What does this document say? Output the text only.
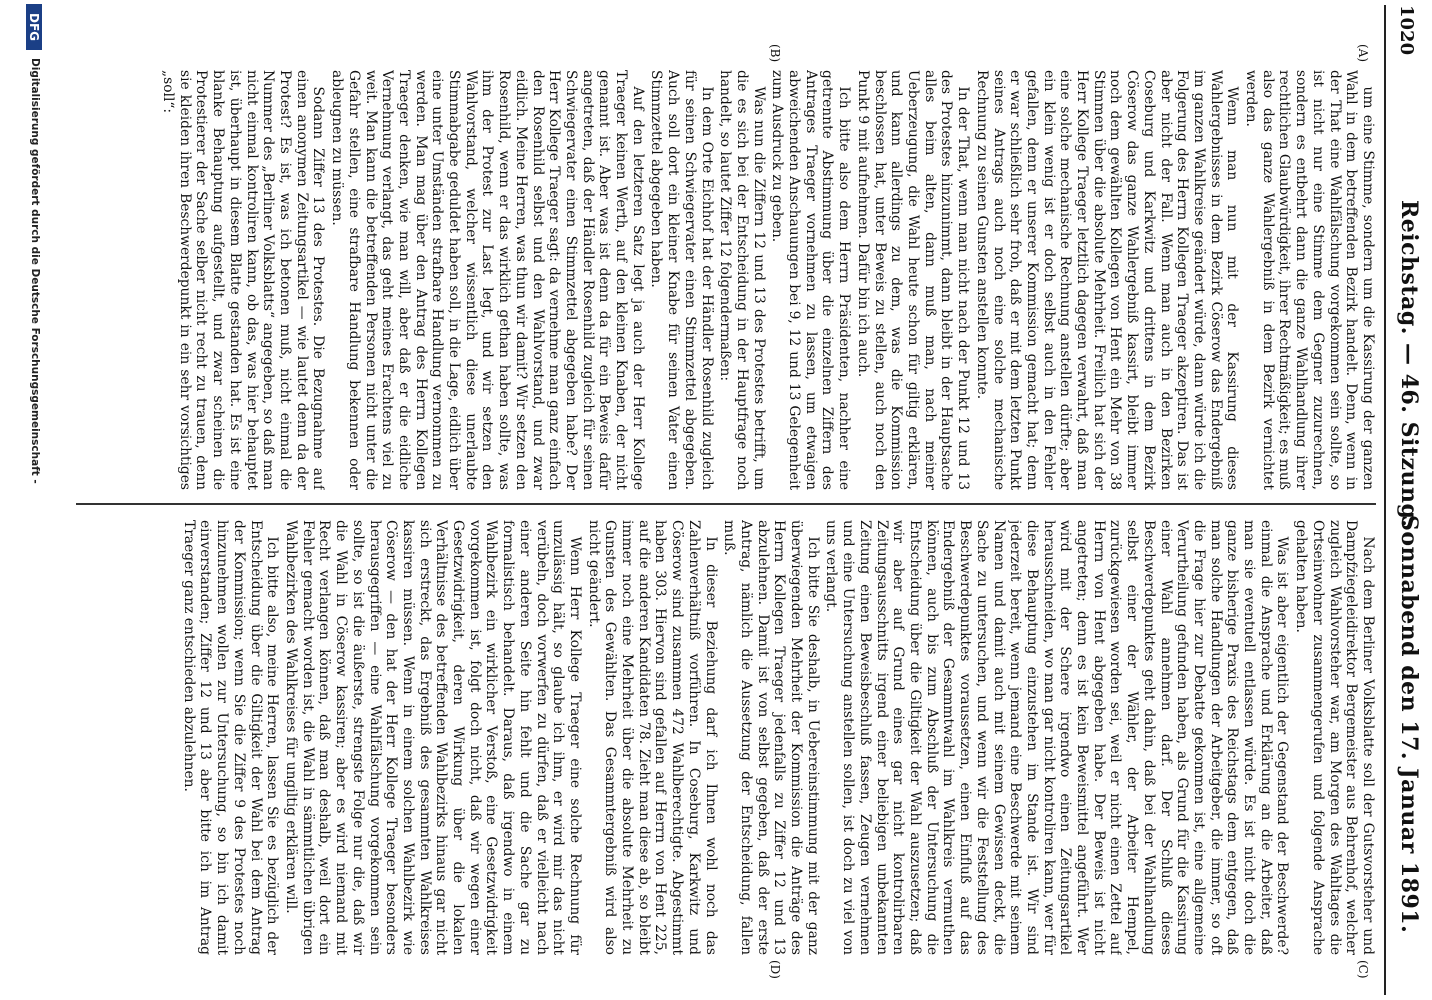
1020
Reichstag. — 46. Sitzung.
Sonnabend den 17. Januar 1891.
(A)
(B)
(C)
(D)

um eine Stimme, sondern um die Kassirung der ganzen Wahl in dem betreffenden Bezirk handelt. Denn, wenn in der That eine Wahlfälschung vorgekommen sein sollte, so ist nicht nur eine Stimme dem Gegner zuzurechnen, sondern es entbehrt dann die ganze Wahlhandlung ihrer rechtlichen Glaubwürdigkeit, ihrer Rechtmäßigkeit; es muß also das ganze Wahlergebniß in dem Bezirk vernichtet werden.

Wenn man nun mit der Kassirung dieses Wahlergebnisses in dem Bezirk Cöserow das Endergebniß im ganzen Wahlkreise geändert würde, dann würde ich die Folgerung des Herrn Kollegen Traeger akzeptiren. Das ist aber nicht der Fall. Wenn man auch in den Bezirken Coseburg und Karkwitz und drittens in dem Bezirk Cöserow das ganze Wahlergebniß kassirt, bleibt immer noch dem gewählten Kollegen von Hent ein Mehr von 38 Stimmen über die absolute Mehrheit. Freilich hat sich der Herr Kollege Traeger letztlich dagegen verwahrt, daß man eine solche mechanische Rechnung anstellen dürfte; aber ein klein wenig ist er doch selbst auch in den Fehler gefallen, denn er unserer Kommission gemacht hat; denn er war schließlich sehr froh, daß er mit dem letzten Punkt seines Antrags auch noch eine solche mechanische Rechnung zu seinen Gunsten anstellen konnte.

In der That, wenn man nicht nach der Punkt 12 und 13 des Protestes hinzunimmt, dann bleibt in der Hauptsache alles beim alten, dann muß man, nach meiner Ueberzeugung, die Wahl heute schon für giltig erklären, und kann allerdings zu dem, was die Kommission beschlossen hat, unter Beweis zu stellen, auch noch den Punkt 9 mit aufnehmen. Dafür bin ich auch.

Ich bitte also dem Herrn Präsidenten, nachher eine getrennte Abstimmung über die einzelnen Ziffern des Antrages Traeger vornehmen zu lassen, um etwaigen abweichenden Anschauungen bei 9, 12 und 13 Gelegenheit zum Ausdruck zu geben.

Was nun die Ziffern 12 und 13 des Protestes betrifft, um die es sich bei der Entscheidung in der Hauptfrage noch handelt, so lautet Ziffer 12 folgendermaßen:

In dem Orte Eichhof hat der Händler Rosenhild zugleich für seinen Schwiegervater einen Stimmzettel abgegeben. Auch soll dort ein kleiner Knabe für seinen Vater einen Stimmzettel abgegeben haben.

Auf den letzteren Satz legt ja auch der Herr Kollege Traeger keinen Werth, auf den kleinen Knaben, der nicht genannt ist. Aber was ist denn da für ein Beweis dafür angetreten, daß der Händler Rosenhild zugleich für seinen Schwiegervater einen Stimmzettel abgegeben habe? Der Herr Kollege Traeger sagt: da vernehme man ganz einfach den Rosenhild selbst und den Wahlvorstand, und zwar eidlich. Meine Herren, was thun wir damit? Wir setzen den Rosenhild, wenn er das wirklich gethan haben sollte, was ihm der Protest zur Last legt, und wir setzen den Wahlvorstand, welcher wissentlich diese unerlaubte Stimmabgabe geduldet haben soll, in die Lage, eidlich über eine unter Umständen strafbare Handlung vernommen zu werden. Man mag über den Antrag des Herrn Kollegen Traeger denken, wie man will, aber daß er die eidliche Vernehmung verlangt, das geht meines Erachtens viel zu weit. Man kann die betreffenden Personen nicht unter die Gefahr stellen, eine strafbare Handlung bekennen oder ableugnen zu müssen.

Sodann Ziffer 13 des Protestes. Die Bezugnahme auf einen anonymen Zeitungsartikel — wie lautet denn da der Protest? Es ist, was ich betonen muß, nicht einmal die Nummer des „Berliner Volksblatts“ angegeben, so daß man nicht einmal kontroliren kann, ob das, was hier behauptet ist, überhaupt in diesem Blatte gestanden hat. Es ist eine blanke Behauptung aufgestellt, und zwar scheinen die Protestierer der Sache selber nicht recht zu trauen, denn sie kleiden ihren Beschwerdepunkt in ein sehr vorsichtiges „soll“:

Nach dem Berliner Volksblatte soll der Gutsvorsteher und Dampfziegeleidirektor Bergemeister aus Behrenhof, welcher zugleich Wahlvorsteher war, am Morgen des Wahltages die Ortseinwohner zusammengerufen und folgende Ansprache gehalten haben.

Was ist aber eigentlich der Gegenstand der Beschwerde? einmal die Ansprache und Erklärung an die Arbeiter, daß man sie eventuell entlassen würde. Es ist nicht doch die ganze bisherige Praxis des Reichstags dem entgegen, daß man solche Handlungen der Arbeitgeber, die immer, so oft die Frage hier zur Debatte gekommen ist, eine allgemeine Verurtheilung gefunden haben, als Grund für die Kassirung einer Wahl annehmen darf. Der Schluß dieses Beschwerdepunktes geht dahin, daß bei der Wahlhandlung selbst einer der Wähler, der Arbeiter Hempel, zurückgewiesen worden sei, weil er nicht einen Zettel auf Herrn von Hent abgegeben habe. Der Beweis ist nicht angetreten; denn es ist kein Beweismittel angeführt. Wer wird mit der Schere irgendwo einen Zeitungsartikel herausschneiden, wo man gar nicht kontroliren kann, wer für diese Behauptung einzustehen im Stande ist. Wir sind jederzeit bereit, wenn jemand eine Beschwerde mit seinem Namen und damit auch mit seinem Gewissen deckt, die Sache zu untersuchen, und wenn wir die Feststellung des Beschwerdepunktes voraussetzen, einen Einfluß auf das Endergebniß der Gesammtwahl im Wahlkreis vermuthen können, auch bis zum Abschluß der Untersuchung die Entscheidung über die Giltigkeit der Wahl auszusetzen; daß wir aber auf Grund eines gar nicht kontrolirbaren Zeitungsausschnitts irgend einer beliebigen unbekannten Zeitung einen Beweisbeschluß fassen, Zeugen vernehmen und eine Untersuchung anstellen sollen, ist doch zu viel von uns verlangt.

Ich bitte Sie deshalb, in Uebereinstimmung mit der ganz überwiegenden Mehrheit der Kommission die Anträge des Herrn Kollegen Traeger jedenfalls zu Ziffer 12 und 13 abzulehnen. Damit ist von selbst gegeben, daß der erste Antrag, nämlich die Aussetzung der Entscheidung, fallen muß.

In dieser Beziehung darf ich Ihnen wohl noch das Zahlenverhältniß vorführen. In Coseburg, Karkwitz und Cöserow sind zusammen 472 Wahlberechtigte. Abgestimmt haben 303. Hiervon sind gefallen auf Herrn von Hent 225, auf die anderen Kandidaten 78. Zieht man diese ab, so bleibt immer noch eine Mehrheit über die absolute Mehrheit zu Gunsten des Gewählten. Das Gesammtergebniß wird also nicht geändert.

Wenn Herr Kollege Traeger eine solche Rechnung für unzulässig hält, so glaube ich ihm, er wird mir das nicht verübeln, doch vorwerfen zu dürfen, daß er vielleicht nach einer anderen Seite hin fehlt und die Sache gar zu formalistisch behandelt. Daraus, daß irgendwo in einem Wahlbezirk ein wirklicher Verstoß, eine Gesetzwidrigkeit vorgekommen ist, folgt doch nicht, daß wir wegen einer Gesetzwidrigkeit, deren Wirkung über die lokalen Verhältnisse des betreffenden Wahlbezirks hinaus gar nicht sich erstreckt, das Ergebniß des gesammten Wahlkreises kassiren müssen. Wenn in einem solchen Wahlbezirk wie Cöserow — den hat der Herr Kollege Traeger besonders herausgegriffen — eine Wahlfälschung vorgekommen sein sollte, so ist die äußerste, strengste Folge nur die, daß wir die Wahl in Cöserow kassiren; aber es wird niemand mit Recht verlangen können, daß man deshalb, weil dort ein Fehler gemacht worden ist, die Wahl in sämmtlichen übrigen Wahlbezirken des Wahlkreises für ungiltig erklären will.

Ich bitte also, meine Herren, lassen Sie es bezüglich der Entscheidung über die Giltigkeit der Wahl bei dem Antrag der Kommission; wenn Sie die Ziffer 9 des Protestes noch hinzunehmen wollen zur Untersuchung, so bin ich damit einverstanden; Ziffer 12 und 13 aber bitte ich im Antrag Traeger ganz entschieden abzulehnen.

DFG
Digitalisierung gefördert durch die Deutsche Forschungsgemeinschaft -
